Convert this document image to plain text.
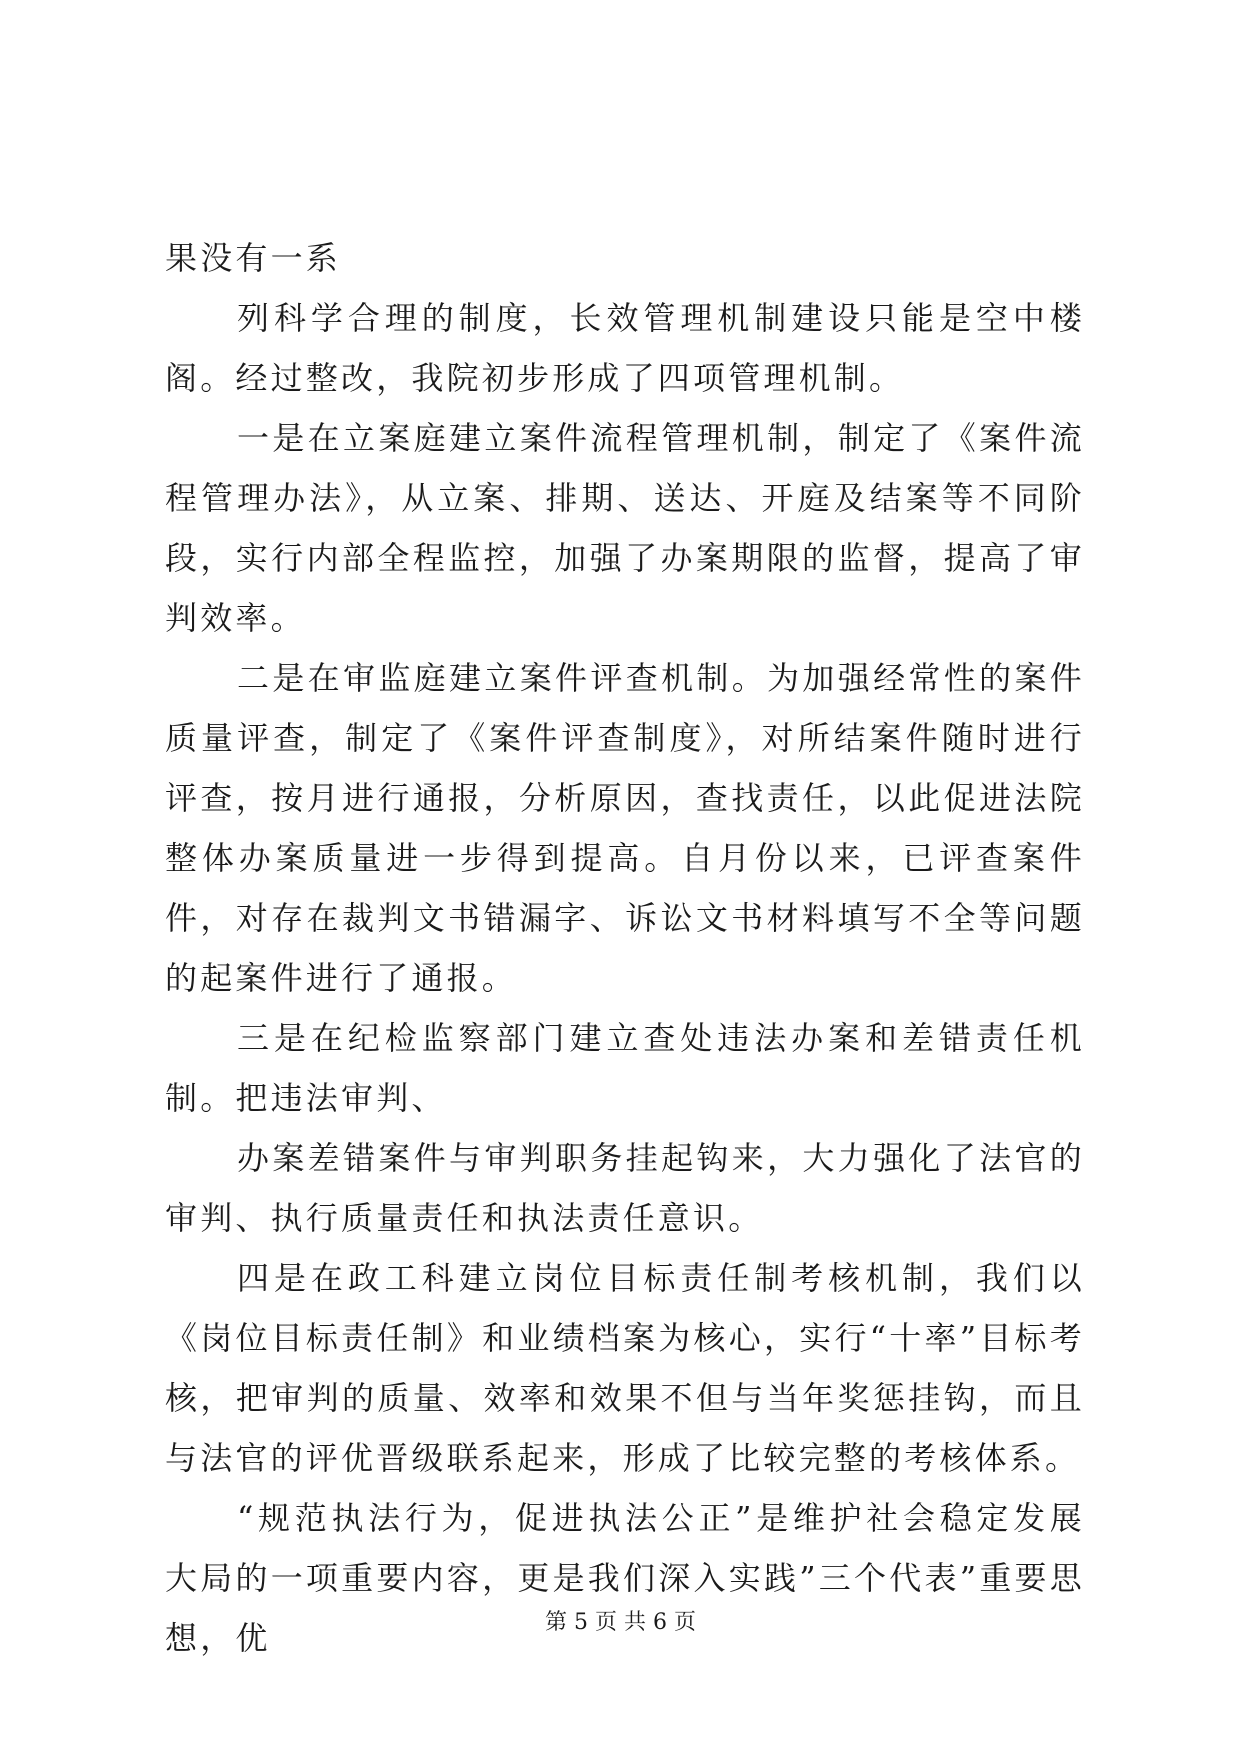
果没有一系

列科学合理的制度，长效管理机制建设只能是空中楼阁。经过整改，我院初步形成了四项管理机制。

一是在立案庭建立案件流程管理机制，制定了《案件流程管理办法》，从立案、排期、送达、开庭及结案等不同阶段，实行内部全程监控，加强了办案期限的监督，提高了审判效率。

二是在审监庭建立案件评查机制。为加强经常性的案件质量评查，制定了《案件评查制度》，对所结案件随时进行评查，按月进行通报，分析原因，查找责任，以此促进法院整体办案质量进一步得到提高。自月份以来，已评查案件件，对存在裁判文书错漏字、诉讼文书材料填写不全等问题的起案件进行了通报。

三是在纪检监察部门建立查处违法办案和差错责任机制。把违法审判、

办案差错案件与审判职务挂起钩来，大力强化了法官的审判、执行质量责任和执法责任意识。

四是在政工科建立岗位目标责任制考核机制，我们以《岗位目标责任制》和业绩档案为核心，实行“十率”目标考核，把审判的质量、效率和效果不但与当年奖惩挂钩，而且与法官的评优晋级联系起来，形成了比较完整的考核体系。

“规范执法行为，促进执法公正”是维护社会稳定发展大局的一项重要内容，更是我们深入实践”三个代表”重要思想，优	第 5 页 共 6 页
